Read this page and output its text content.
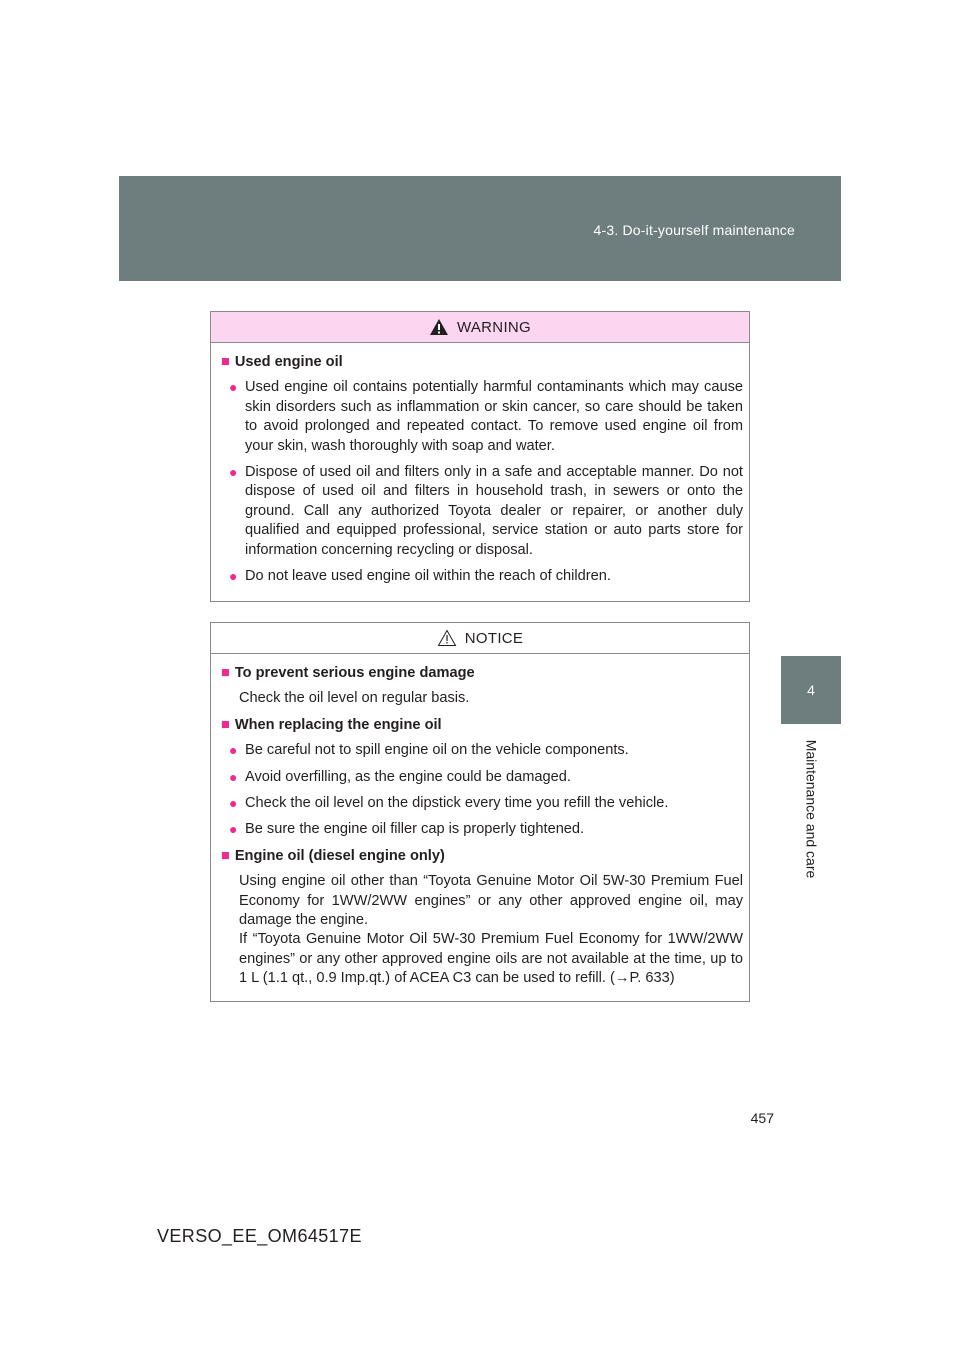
4-3. Do-it-yourself maintenance
4
Maintenance and care
WARNING
■ Used engine oil
● Used engine oil contains potentially harmful contaminants which may cause skin disorders such as inflammation or skin cancer, so care should be taken to avoid prolonged and repeated contact. To remove used engine oil from your skin, wash thoroughly with soap and water.
● Dispose of used oil and filters only in a safe and acceptable manner. Do not dispose of used oil and filters in household trash, in sewers or onto the ground. Call any authorized Toyota dealer or repairer, or another duly qualified and equipped professional, service station or auto parts store for information concerning recycling or disposal.
● Do not leave used engine oil within the reach of children.
NOTICE
■ To prevent serious engine damage
Check the oil level on regular basis.
■ When replacing the engine oil
● Be careful not to spill engine oil on the vehicle components.
● Avoid overfilling, as the engine could be damaged.
● Check the oil level on the dipstick every time you refill the vehicle.
● Be sure the engine oil filler cap is properly tightened.
■ Engine oil (diesel engine only)
Using engine oil other than “Toyota Genuine Motor Oil 5W-30 Premium Fuel Economy for 1WW/2WW engines” or any other approved engine oil, may damage the engine.
If “Toyota Genuine Motor Oil 5W-30 Premium Fuel Economy for 1WW/2WW engines” or any other approved engine oils are not available at the time, up to 1 L (1.1 qt., 0.9 Imp.qt.) of ACEA C3 can be used to refill. (→P. 633)
457
VERSO_EE_OM64517E
